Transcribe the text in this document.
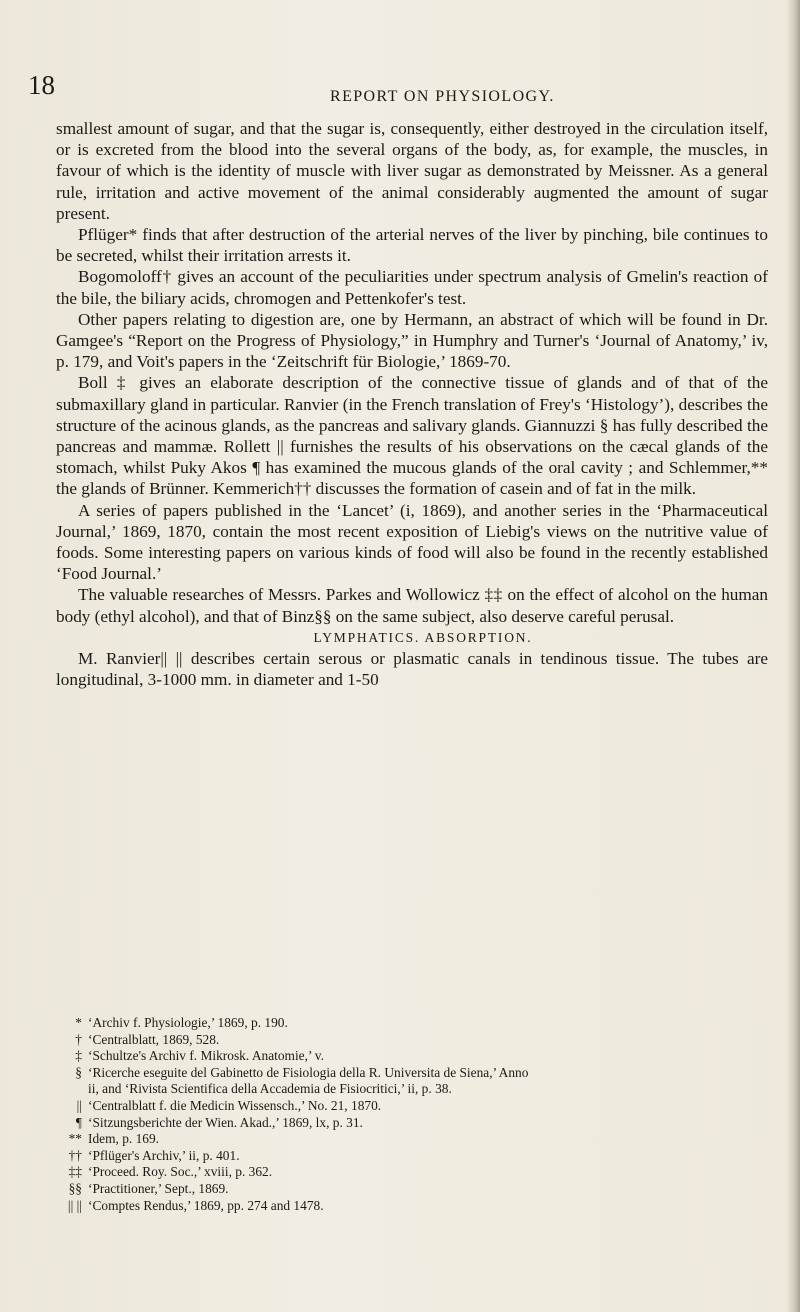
18	REPORT ON PHYSIOLOGY.

smallest amount of sugar, and that the sugar is, consequently, either destroyed in the circulation itself, or is excreted from the blood into the several organs of the body, as, for example, the muscles, in favour of which is the identity of muscle with liver sugar as demonstrated by Meissner. As a general rule, irritation and active movement of the animal considerably augmented the amount of sugar present.

Pflüger* finds that after destruction of the arterial nerves of the liver by pinching, bile continues to be secreted, whilst their irritation arrests it.

Bogomoloff† gives an account of the peculiarities under spectrum analysis of Gmelin's reaction of the bile, the biliary acids, chromogen and Pettenkofer's test.

Other papers relating to digestion are, one by Hermann, an abstract of which will be found in Dr. Gamgee's “Report on the Progress of Physiology,” in Humphry and Turner's ‘Journal of Anatomy,’ iv, p. 179, and Voit's papers in the ‘Zeitschrift für Biologie,’ 1869-70.

Boll ‡ gives an elaborate description of the connective tissue of glands and of that of the submaxillary gland in particular. Ranvier (in the French translation of Frey's ‘Histology’), describes the structure of the acinous glands, as the pancreas and salivary glands. Giannuzzi § has fully described the pancreas and mammæ. Rollett || furnishes the results of his observations on the cæcal glands of the stomach, whilst Puky Akos ¶ has examined the mucous glands of the oral cavity ; and Schlemmer,** the glands of Brünner. Kemmerich†† discusses the formation of casein and of fat in the milk.

A series of papers published in the ‘Lancet’ (i, 1869), and another series in the ‘Pharmaceutical Journal,’ 1869, 1870, contain the most recent exposition of Liebig's views on the nutritive value of foods. Some interesting papers on various kinds of food will also be found in the recently established ‘Food Journal.’

The valuable researches of Messrs. Parkes and Wollowicz ‡‡ on the effect of alcohol on the human body (ethyl alcohol), and that of Binz§§ on the same subject, also deserve careful perusal.

LYMPHATICS. ABSORPTION.

M. Ranvier|| || describes certain serous or plasmatic canals in tendinous tissue. The tubes are longitudinal, 3-1000 mm. in diameter and 1-50

* ‘Archiv f. Physiologie,’ 1869, p. 190.
† ‘Centralblatt, 1869, 528.
‡ ‘Schultze's Archiv f. Mikrosk. Anatomie,’ v.
§ ‘Ricerche eseguite del Gabinetto de Fisiologia della R. Universita de Siena,’ Anno
ii, and ‘Rivista Scientifica della Accademia de Fisiocritici,’ ii, p. 38.
|| ‘Centralblatt f. die Medicin Wissensch.,’ No. 21, 1870.
¶ ‘Sitzungsberichte der Wien. Akad.,’ 1869, lx, p. 31.
** Idem, p. 169.
†† ‘Pflüger's Archiv,’ ii, p. 401.
‡‡ ‘Proceed. Roy. Soc.,’ xviii, p. 362.
§§ ‘Practitioner,’ Sept., 1869.
|| || ‘Comptes Rendus,’ 1869, pp. 274 and 1478.
